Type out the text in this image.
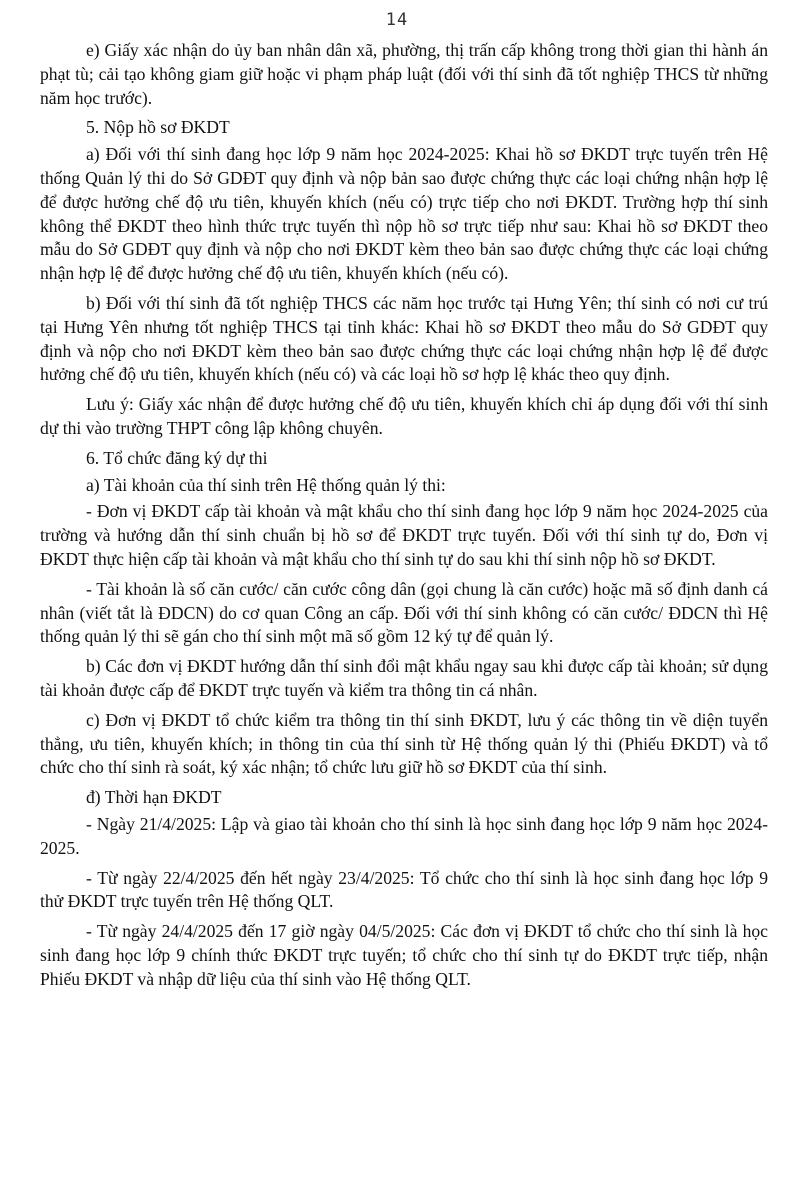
14

e) Giấy xác nhận do ủy ban nhân dân xã, phường, thị trấn cấp không trong thời gian thi hành án phạt tù; cải tạo không giam giữ hoặc vi phạm pháp luật (đối với thí sinh đã tốt nghiệp THCS từ những năm học trước).

5. Nộp hồ sơ ĐKDT

a) Đối với thí sinh đang học lớp 9 năm học 2024-2025: Khai hồ sơ ĐKDT trực tuyến trên Hệ thống Quản lý thi do Sở GDĐT quy định và nộp bản sao được chứng thực các loại chứng nhận hợp lệ để được hưởng chế độ ưu tiên, khuyến khích (nếu có) trực tiếp cho nơi ĐKDT. Trường hợp thí sinh không thể ĐKDT theo hình thức trực tuyến thì nộp hồ sơ trực tiếp như sau: Khai hồ sơ ĐKDT theo mẫu do Sở GDĐT quy định và nộp cho nơi ĐKDT kèm theo bản sao được chứng thực các loại chứng nhận hợp lệ để được hưởng chế độ ưu tiên, khuyến khích (nếu có).

b) Đối với thí sinh đã tốt nghiệp THCS các năm học trước tại Hưng Yên; thí sinh có nơi cư trú tại Hưng Yên nhưng tốt nghiệp THCS tại tỉnh khác: Khai hồ sơ ĐKDT theo mẫu do Sở GDĐT quy định và nộp cho nơi ĐKDT kèm theo bản sao được chứng thực các loại chứng nhận hợp lệ để được hưởng chế độ ưu tiên, khuyến khích (nếu có) và các loại hồ sơ hợp lệ khác theo quy định.

Lưu ý: Giấy xác nhận để được hưởng chế độ ưu tiên, khuyến khích chỉ áp dụng đối với thí sinh dự thi vào trường THPT công lập không chuyên.

6. Tổ chức đăng ký dự thi

a) Tài khoản của thí sinh trên Hệ thống quản lý thi:

- Đơn vị ĐKDT cấp tài khoản và mật khẩu cho thí sinh đang học lớp 9 năm học 2024-2025 của trường và hướng dẫn thí sinh chuẩn bị hồ sơ để ĐKDT trực tuyến. Đối với thí sinh tự do, Đơn vị ĐKDT thực hiện cấp tài khoản và mật khẩu cho thí sinh tự do sau khi thí sinh nộp hồ sơ ĐKDT.

- Tài khoản là số căn cước/ căn cước công dân (gọi chung là căn cước) hoặc mã số định danh cá nhân (viết tắt là ĐDCN) do cơ quan Công an cấp. Đối với thí sinh không có căn cước/ ĐDCN thì Hệ thống quản lý thi sẽ gán cho thí sinh một mã số gồm 12 ký tự để quản lý.

b) Các đơn vị ĐKDT hướng dẫn thí sinh đổi mật khẩu ngay sau khi được cấp tài khoản; sử dụng tài khoản được cấp để ĐKDT trực tuyến và kiểm tra thông tin cá nhân.

c) Đơn vị ĐKDT tổ chức kiểm tra thông tin thí sinh ĐKDT, lưu ý các thông tin về diện tuyển thẳng, ưu tiên, khuyến khích; in thông tin của thí sinh từ Hệ thống quản lý thi (Phiếu ĐKDT) và tổ chức cho thí sinh rà soát, ký xác nhận; tổ chức lưu giữ hồ sơ ĐKDT của thí sinh.

đ) Thời hạn ĐKDT

- Ngày 21/4/2025: Lập và giao tài khoản cho thí sinh là học sinh đang học lớp 9 năm học 2024-2025.

- Từ ngày 22/4/2025 đến hết ngày 23/4/2025: Tổ chức cho thí sinh là học sinh đang học lớp 9 thử ĐKDT trực tuyến trên Hệ thống QLT.

- Từ ngày 24/4/2025 đến 17 giờ ngày 04/5/2025: Các đơn vị ĐKDT tổ chức cho thí sinh là học sinh đang học lớp 9 chính thức ĐKDT trực tuyến; tổ chức cho thí sinh tự do ĐKDT trực tiếp, nhận Phiếu ĐKDT và nhập dữ liệu của thí sinh vào Hệ thống QLT.
